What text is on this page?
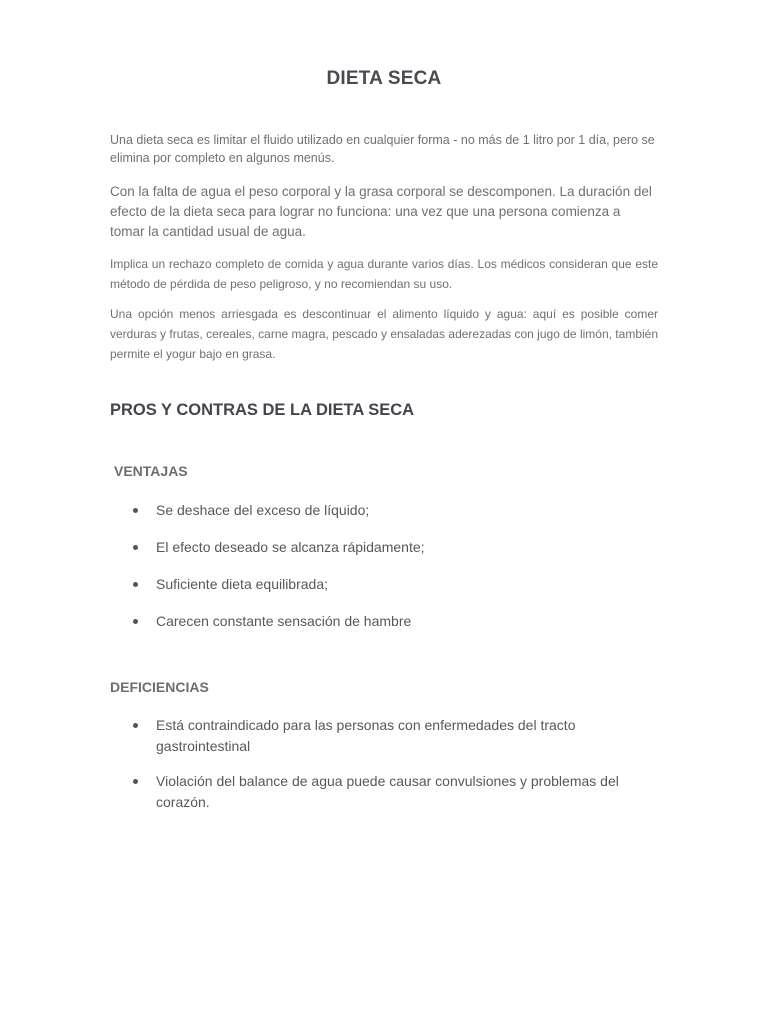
DIETA SECA

Una dieta seca es limitar el fluido utilizado en cualquier forma - no más de 1 litro por 1 día, pero se elimina por completo en algunos menús.

Con la falta de agua el peso corporal y la grasa corporal se descomponen. La duración del efecto de la dieta seca para lograr no funciona: una vez que una persona comienza a tomar la cantidad usual de agua.

Implica un rechazo completo de comida y agua durante varios días. Los médicos consideran que este método de pérdida de peso peligroso, y no recomiendan su uso.

Una opción menos arriesgada es descontinuar el alimento líquido y agua: aquí es posible comer verduras y frutas, cereales, carne magra, pescado y ensaladas aderezadas con jugo de limón, también permite el yogur bajo en grasa.

PROS Y CONTRAS DE LA DIETA SECA
VENTAJAS
Se deshace del exceso de líquido;
El efecto deseado se alcanza rápidamente;
Suficiente dieta equilibrada;
Carecen constante sensación de hambre
DEFICIENCIAS
Está contraindicado para las personas con enfermedades del tracto gastrointestinal
Violación del balance de agua puede causar convulsiones y problemas del corazón.
